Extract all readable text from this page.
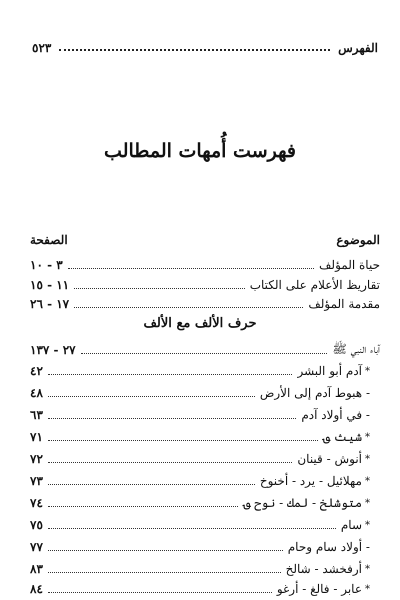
الفهرس
٥٢٣
فهرست أُمهات المطالب
الموضوع
الصفحة
حياة المؤلف
٣ - ١٠
تقاريظ الأعلام على الكتاب
١١ - ١٥
مقدمة المؤلف
١٧ - ٢٦
حرف الألف مع الألف
آباء النبي ﷺ
٢٧ - ١٣٧
*
آدم أبو البشر
٤٢
- هبوط آدم إلى الأرض
٤٨
- في أولاد آدم
٦٣
*
شيث ؈
٧١
*
أنوش - قينان
٧٢
*
مهلائيل - يرد - أخنوخ
٧٣
*
متوشلخ - لمك - نوح ؈
٧٤
*
سام
٧٥
- أولاد سام وحام
٧٧
*
أرفخشد - شالخ
٨٣
*
عابر - فالغ - أرغو
٨٤
